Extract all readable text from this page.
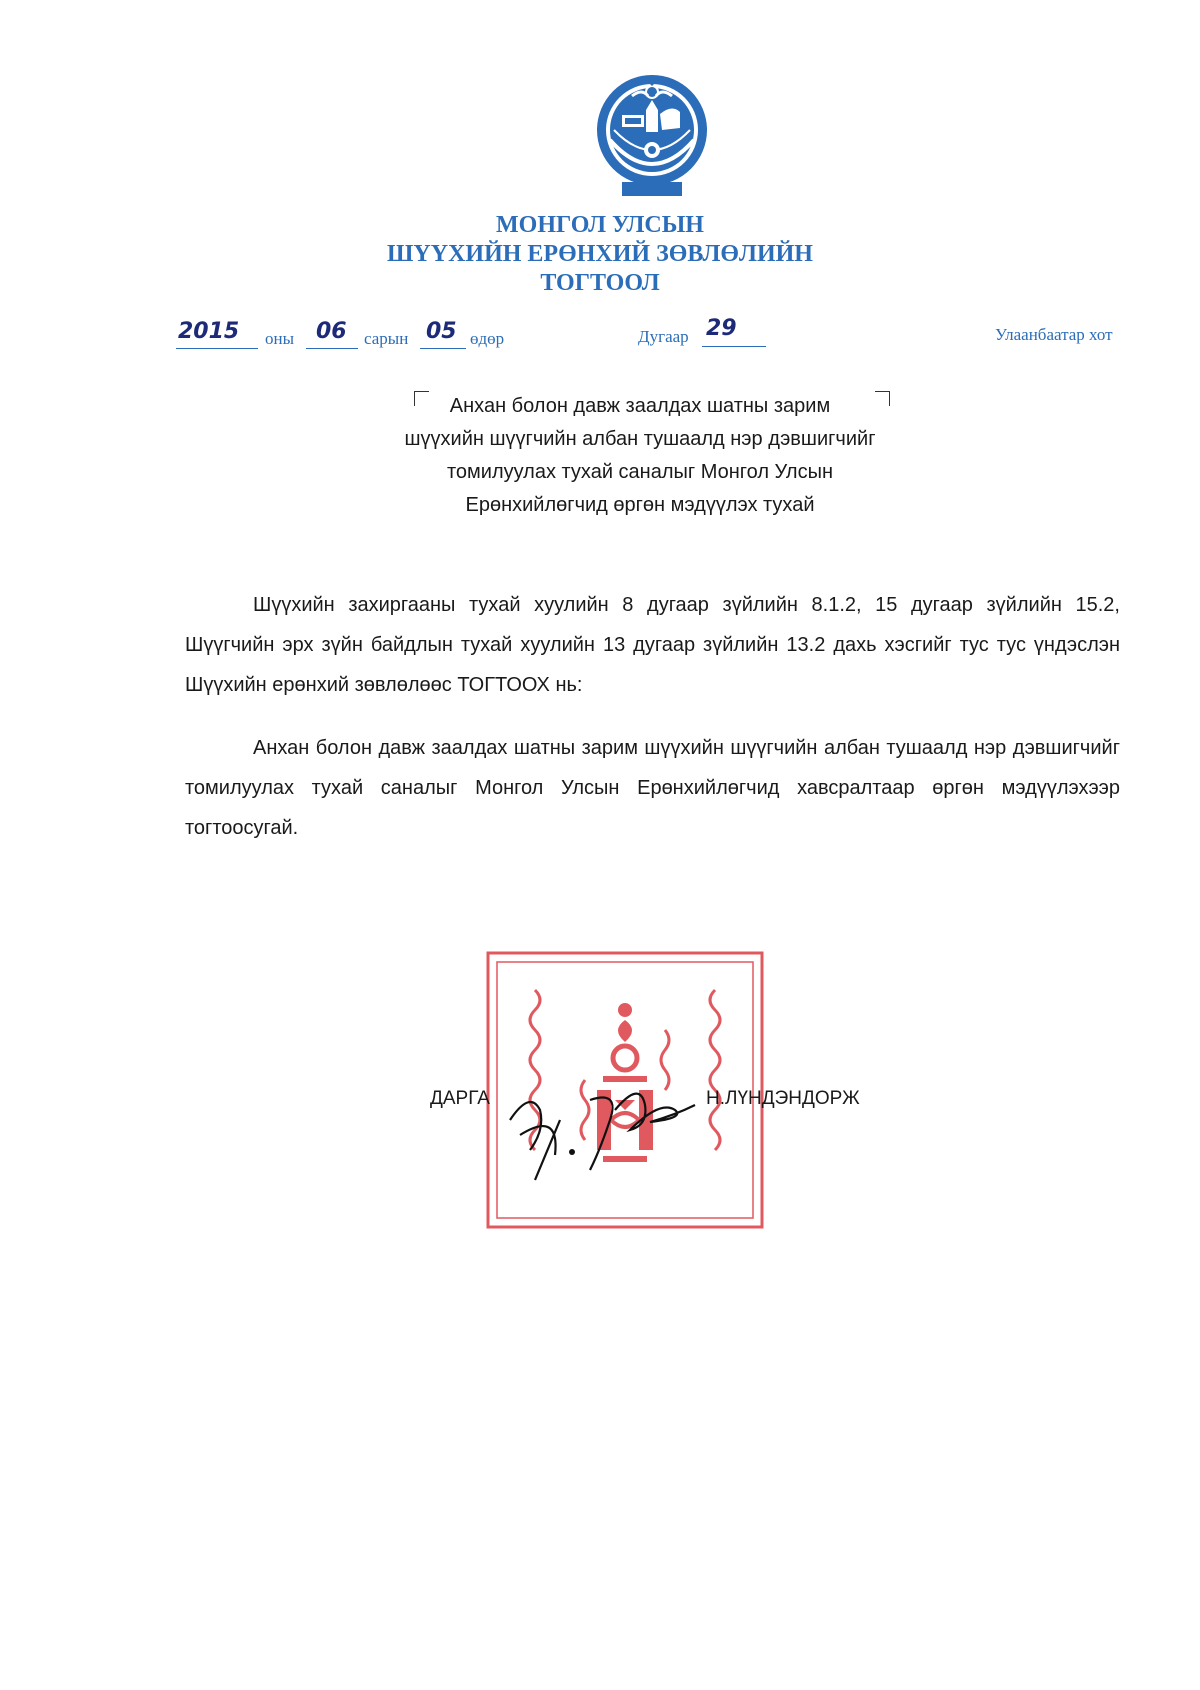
МОНГОЛ УЛСЫН
ШҮҮХИЙН ЕРӨНХИЙ ЗӨВЛӨЛИЙН
ТОГТООЛ
2015 оны 06 сарын 05 өдөр	Дугаар 29	Улаанбаатар хот
Анхан болон давж заалдах шатны зарим
шүүхийн шүүгчийн албан тушаалд нэр дэвшигчийг
томилуулах тухай саналыг Монгол Улсын
Ерөнхийлөгчид өргөн мэдүүлэх тухай
Шүүхийн захиргааны тухай хуулийн 8 дугаар зүйлийн 8.1.2, 15 дугаар зүйлийн 15.2, Шүүгчийн эрх зүйн байдлын тухай хуулийн 13 дугаар зүйлийн 13.2 дахь хэсгийг тус тус үндэслэн Шүүхийн ерөнхий зөвлөлөөс ТОГТООХ нь:
Анхан болон давж заалдах шатны зарим шүүхийн шүүгчийн албан тушаалд нэр дэвшигчийг томилуулах тухай саналыг Монгол Улсын Ерөнхийлөгчид хавсралтаар өргөн мэдүүлэхээр тогтоосугай.
ДАРГА	Н.ЛҮНДЭНДОРЖ
